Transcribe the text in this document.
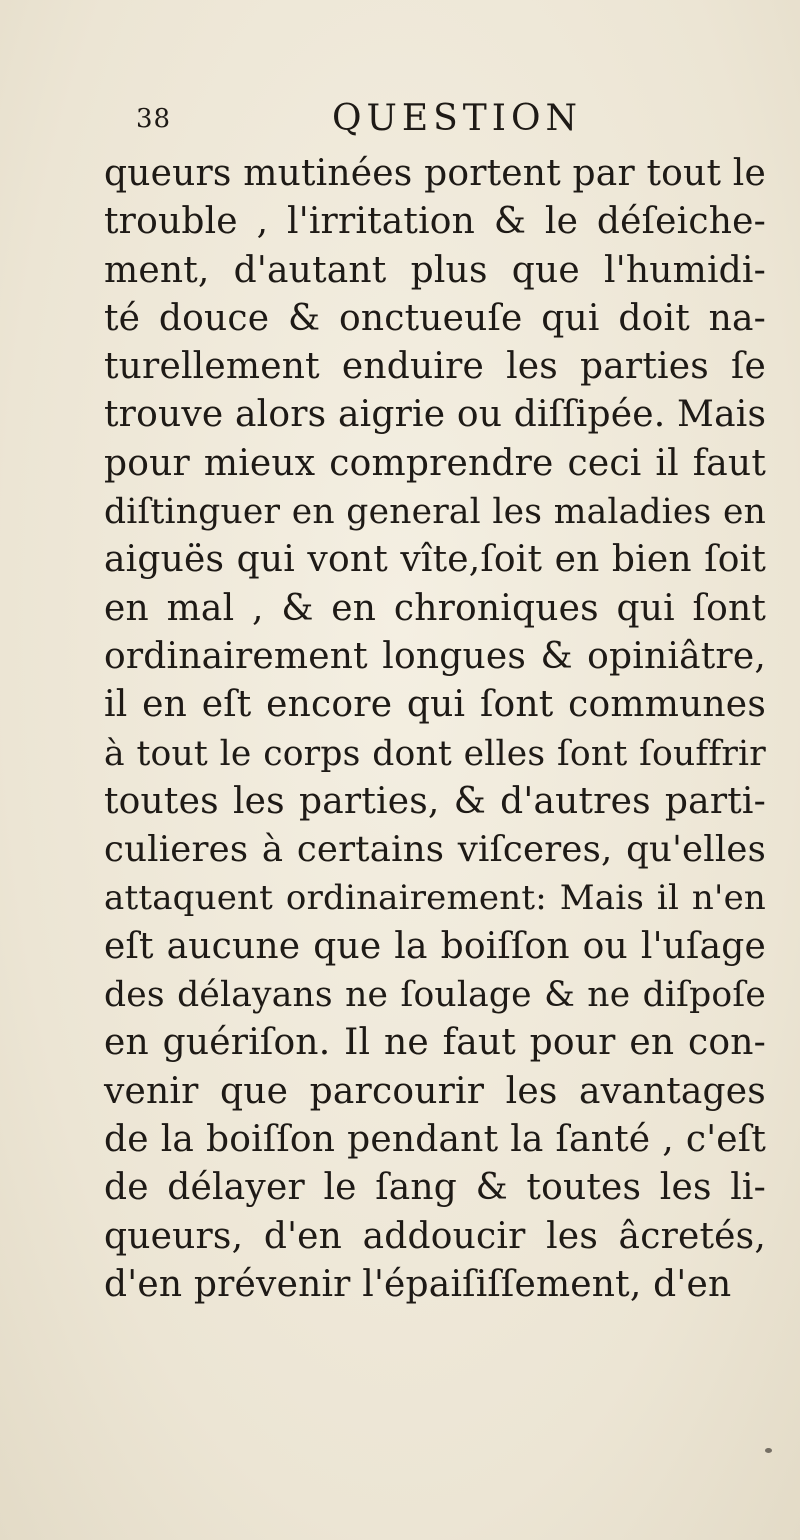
38	QUESTION
queurs mutinées portent par tout le
trouble , l'irritation & le déſeiche-
ment, d'autant plus que l'humidi-
té douce & onctueuſe qui doit na-
turellement enduire les parties ſe
trouve alors aigrie ou diſſipée. Mais
pour mieux comprendre ceci il faut
diſtinguer en general les maladies en
aiguës qui vont vîte,ſoit en bien ſoit
en mal , & en chroniques qui ſont
ordinairement longues & opiniâtre,
il en eſt encore qui ſont communes
à tout le corps dont elles ſont ſouffrir
toutes les parties, & d'autres parti-
culieres à certains viſceres, qu'elles
attaquent ordinairement: Mais il n'en
eſt aucune que la boiſſon ou l'uſage
des délayans ne ſoulage & ne diſpoſe
en guériſon. Il ne faut pour en con-
venir que parcourir les avantages
de la boiſſon pendant la ſanté , c'eſt
de délayer le ſang & toutes les li-
queurs, d'en addoucir les âcretés,
d'en prévenir l'épaiſiſſement, d'en
